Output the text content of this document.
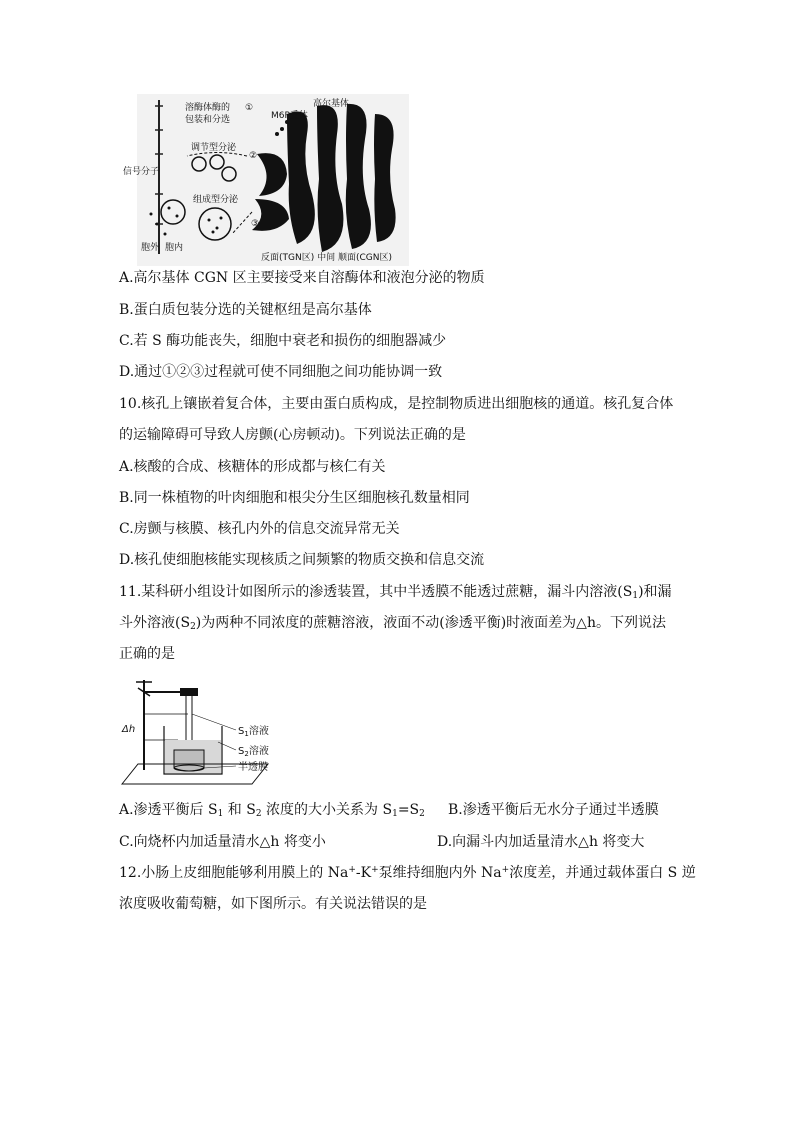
溶酶体酶的
包装和分选
①
M6P受体
高尔基体
调节型分泌
②
信号分子
组成型分泌
③
胞外 胞内
反面(TGN区) 中间 顺面(CGN区)
A.高尔基体 CGN 区主要接受来自溶酶体和液泡分泌的物质
B.蛋白质包装分选的关键枢纽是高尔基体
C.若 S 酶功能丧失，细胞中衰老和损伤的细胞器减少
D.通过①②③过程就可使不同细胞之间功能协调一致
10.核孔上镶嵌着复合体，主要由蛋白质构成，是控制物质进出细胞核的通道。核孔复合体
的运输障碍可导致人房颤(心房顿动)。下列说法正确的是
A.核酸的合成、核糖体的形成都与核仁有关
B.同一株植物的叶肉细胞和根尖分生区细胞核孔数量相同
C.房颤与核膜、核孔内外的信息交流异常无关
D.核孔使细胞核能实现核质之间频繁的物质交换和信息交流
11.某科研小组设计如图所示的渗透装置，其中半透膜不能透过蔗糖，漏斗内溶液$(S_1)$和漏
斗外溶液$(S_2)$为两种不同浓度的蔗糖溶液，液面不动(渗透平衡)时液面差为△h。下列说法
正确的是
Δh	$S_1$溶液
$S_2$溶液
半透膜
A.渗透平衡后 $S_1$ 和 $S_2$ 浓度的大小关系为 $S_1=S_2$ B.渗透平衡后无水分子通过半透膜
C.向烧杯内加适量清水△h 将变小	D.向漏斗内加适量清水△h 将变大
12.小肠上皮细胞能够利用膜上的 Na+-K+泵维持细胞内外 Na+浓度差，并通过载体蛋白 S 逆
浓度吸收葡萄糖，如下图所示。有关说法错误的是
